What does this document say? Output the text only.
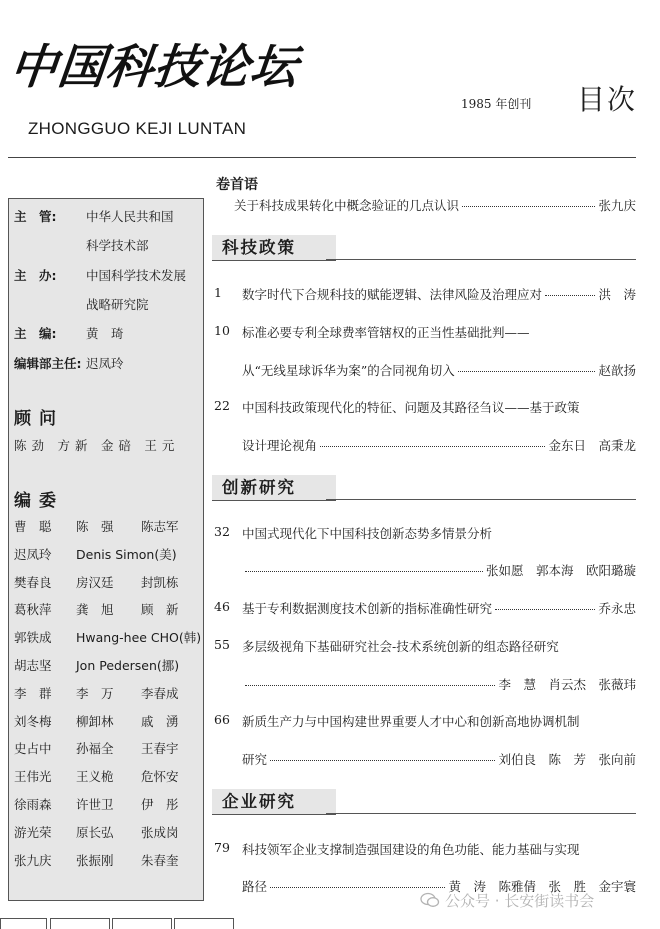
中国科技论坛
ZHONGGUO KEJI LUNTAN
1985 年创刊 目次
主　管: 中华人民共和国
科学技术部
主　办: 中国科学技术发展
战略研究院
主　编: 黄　琦
编辑部主任: 迟凤玲
顾问
陈 劲　方 新　金 碚　王 元
编委
曹　聪 陈　强 陈志军
迟凤玲 Denis Simon(美)
樊春良 房汉廷 封凯栋
葛秋萍 龚　旭 顾　新
郭铁成 Hwang-hee CHO(韩)
胡志坚 Jon Pedersen(挪)
李　群 李　万 李春成
刘冬梅 柳卸林 戚　湧
史占中 孙福全 王春宇
王伟光 王义桅 危怀安
徐雨森 许世卫 伊　彤
游光荣 原长弘 张成岗
张九庆 张振刚 朱春奎
卷首语
关于科技成果转化中概念验证的几点认识	张九庆
科技政策
创新研究
企业研究
1 数字时代下合规科技的赋能逻辑、法律风险及治理应对	洪　涛
10 标准必要专利全球费率管辖权的正当性基础批判——
从“无线星球诉华为案”的合同视角切入	赵歆扬
22 中国科技政策现代化的特征、问题及其路径刍议——基于政策
设计理论视角	金东日　高秉龙
32 中国式现代化下中国科技创新态势多情景分析
张如愿　郭本海　欧阳璐璇
46 基于专利数据测度技术创新的指标准确性研究	乔永忠
55 多层级视角下基础研究社会-技术系统创新的组态路径研究
李　慧　肖云杰　张薇玮
66 新质生产力与中国构建世界重要人才中心和创新高地协调机制
研究	刘伯良　陈　芳　张向前
79 科技领军企业支撑制造强国建设的角色功能、能力基础与实现
路径	黄　涛　陈雅倩　张　胜　金宇寰
公众号 · 长安街读书会
